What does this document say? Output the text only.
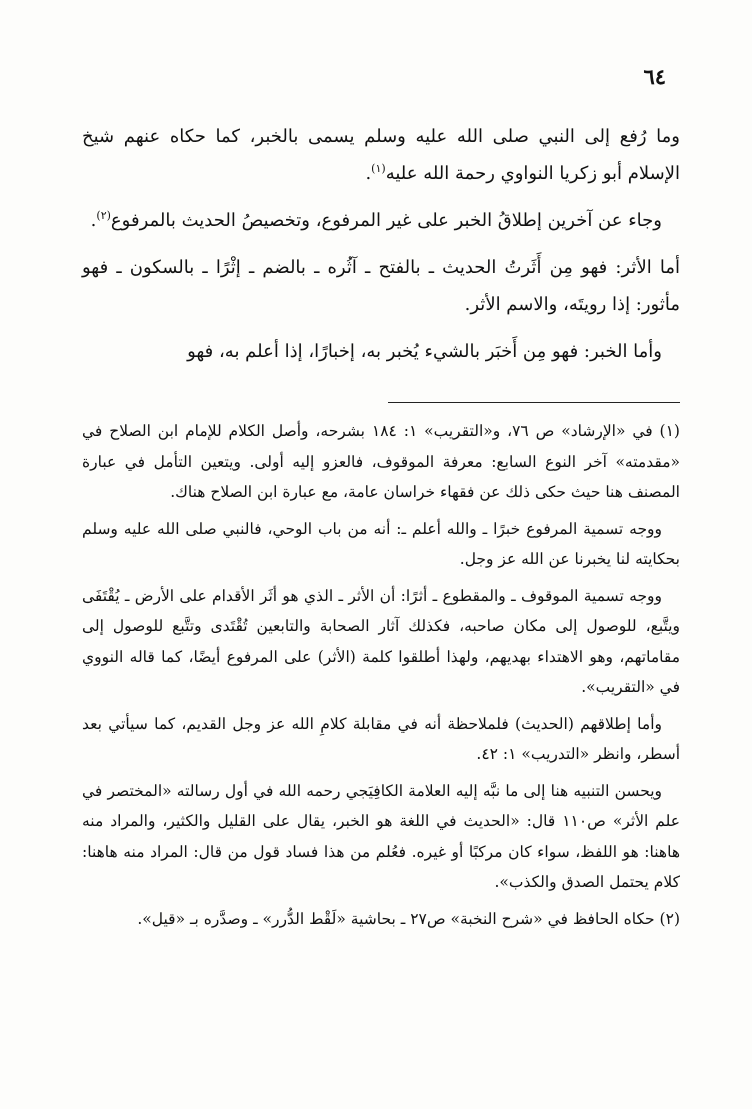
٦٤

وما رُفع إلى النبي صلى الله عليه وسلم يسمى بالخبر، كما حكاه عنهم شيخ الإسلام أبو زكريا النواوي رحمة الله عليه$^{(١)}$.

وجاء عن آخرين إطلاقُ الخبر على غير المرفوع، وتخصيصُ الحديث بالمرفوع$^{(٢)}$.

أما الأثر: فهو مِن أَثَرتُ الحديث ـ بالفتح ـ آثُره ـ بالضم ـ إثْرًا ـ بالسكون ـ فهو مأثور: إذا رويتَه، والاسم الأثر.

وأما الخبر: فهو مِن أَخبَر بالشيء يُخبر به، إخبارًا، إذا أعلم به، فهو

(١) في «الإرشاد» ص ٧٦، و«التقريب» ١: ١٨٤ بشرحه، وأصل الكلام للإمام ابن الصلاح في «مقدمته» آخر النوع السابع: معرفة الموقوف، فالعزو إليه أولى. ويتعين التأمل في عبارة المصنف هنا حيث حكى ذلك عن فقهاء خراسان عامة، مع عبارة ابن الصلاح هناك.

ووجه تسمية المرفوع خبرًا ـ والله أعلم ـ: أنه من باب الوحي، فالنبي صلى الله عليه وسلم بحكايته لنا يخبرنا عن الله عز وجل.

ووجه تسمية الموقوف ـ والمقطوع ـ أثرًا: أن الأثر ـ الذي هو أثَر الأقدام على الأرض ـ يُقْتَفَى ويتَّبع، للوصول إلى مكان صاحبه، فكذلك آثار الصحابة والتابعين تُقْتَدى وتتَّبع للوصول إلى مقاماتهم، وهو الاهتداء بهديهم، ولهذا أطلقوا كلمة (الأثر) على المرفوع أيضًا، كما قاله النووي في «التقريب».

وأما إطلاقهم (الحديث) فلملاحظة أنه في مقابلة كلامِ الله عز وجل القديم، كما سيأتي بعد أسطر، وانظر «التدريب» ١: ٤٢.

ويحسن التنبيه هنا إلى ما نبَّه إليه العلامة الكافِيَجي رحمه الله في أول رسالته «المختصر في علم الأثر» ص١١٠ قال: «الحديث في اللغة هو الخبر، يقال على القليل والكثير، والمراد منه هاهنا: هو اللفظ، سواء كان مركبًا أو غيره. فعُلم من هذا فساد قول من قال: المراد منه هاهنا: كلام يحتمل الصدق والكذب».

(٢) حكاه الحافظ في «شرح النخبة» ص٢٧ ـ بحاشية «لَقْط الدُّرر» ـ وصدَّره بـ «قيل».
